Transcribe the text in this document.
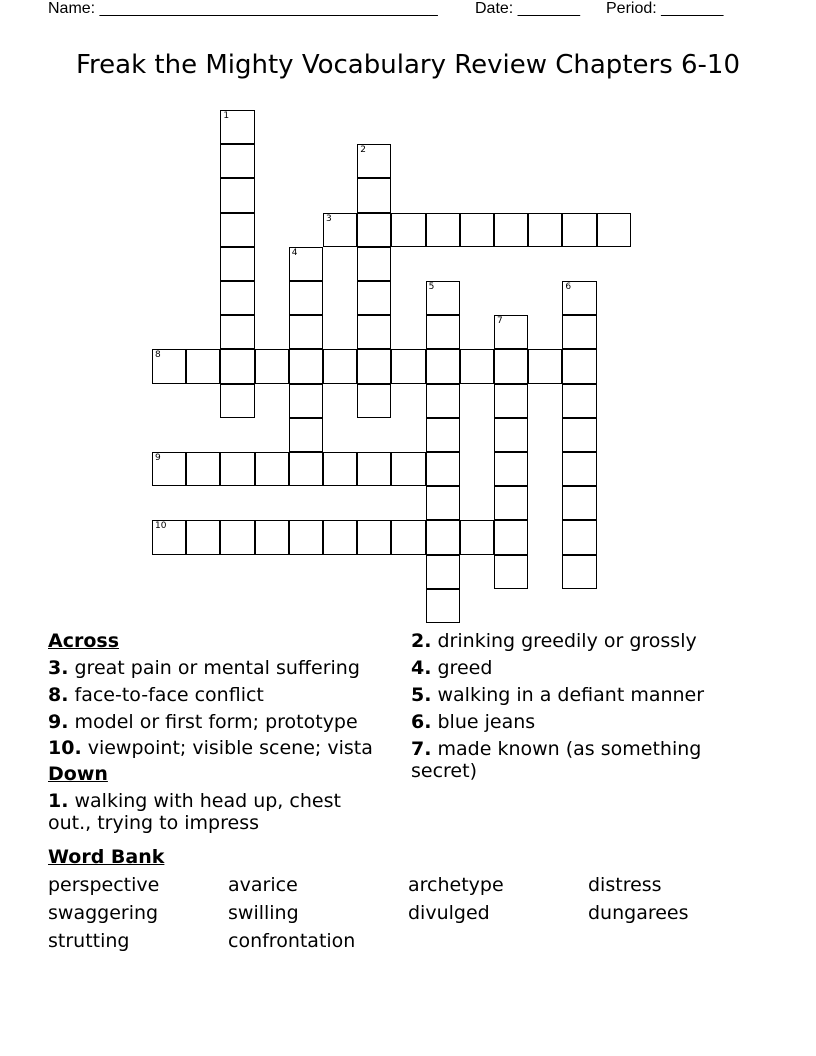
Name: ______________________________________ Date: _______ Period: _______
Freak the Mighty Vocabulary Review Chapters 6-10
1
2
3
4
5	6
7
8
9
10
Across
3. great pain or mental suffering
8. face-to-face conflict
9. model or first form; prototype
10. viewpoint; visible scene; vista
Down
1. walking with head up, chest out., trying to impress
2. drinking greedily or grossly
4. greed
5. walking in a defiant manner
6. blue jeans
7. made known (as something secret)
Word Bank
perspective	avarice	archetype	distress
swaggering	swilling	divulged	dungarees
strutting	confrontation
